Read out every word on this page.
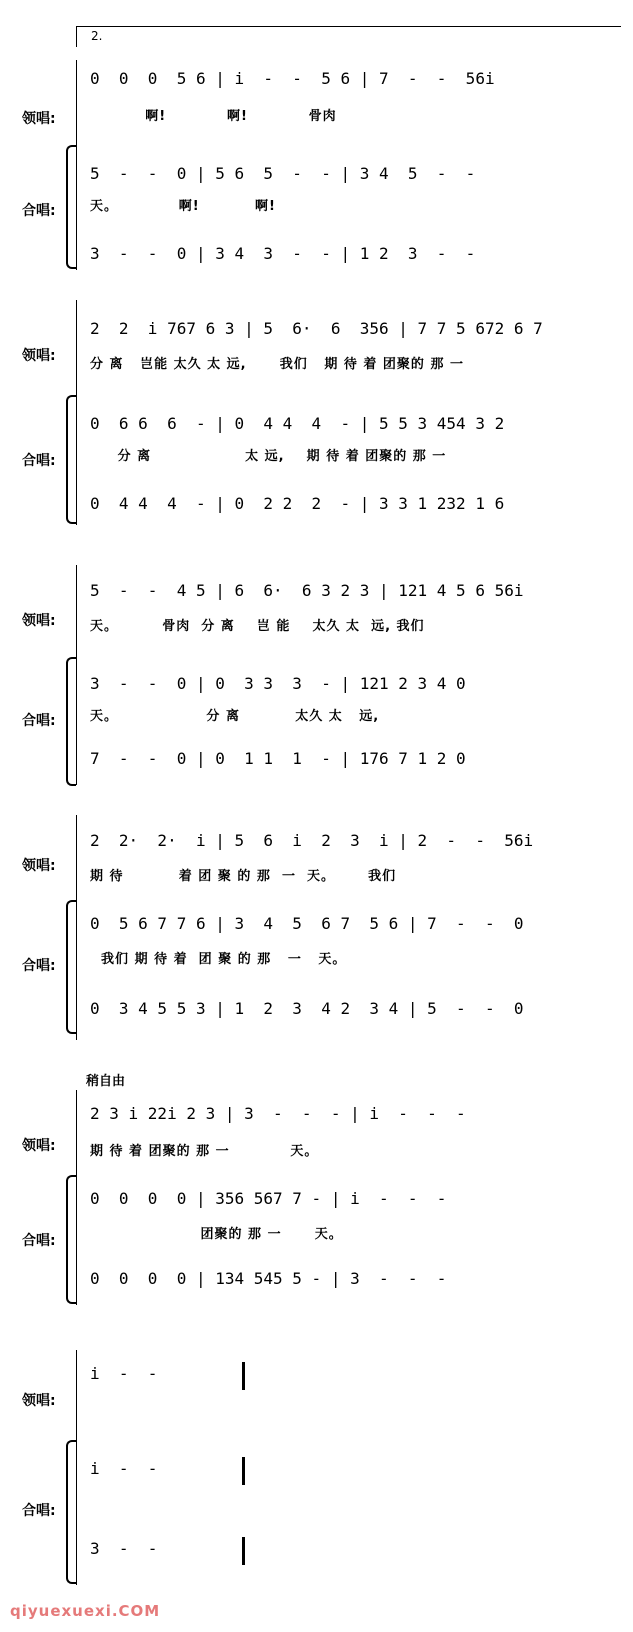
2.
领唱:
0  0  0  5 6 | i  -  -  5 6 | 7  -  -  56i
啊!           啊!           骨肉
合唱:
5  -  -  0 | 5 6  5  -  - | 3 4  5  -  -
天。           啊!          啊!
3  -  -  0 | 3 4  3  -  - | 1 2  3  -  -
领唱:
2  2  i 767 6 3 | 5  6·  6  356 | 7 7 5 672 6 7
分 离   岂能 太久 太 远,      我们   期 待 着 团聚的 那 一
合唱:
0  6 6  6  - | 0  4 4  4  - | 5 5 3 454 3 2
分 离                 太 远,    期 待 着 团聚的 那 一
0  4 4  4  - | 0  2 2  2  - | 3 3 1 232 1 6
领唱:
5  -  -  4 5 | 6  6·  6 3 2 3 | 121 4 5 6 56i
天。        骨肉  分 离    岂 能    太久 太  远, 我们
合唱:
3  -  -  0 | 0  3 3  3  - | 121 2 3 4 0
天。                分 离          太久 太   远,
7  -  -  0 | 0  1 1  1  - | 176 7 1 2 0
领唱:
2  2·  2·  i | 5  6  i  2  3  i | 2  -  -  56i
期 待          着 团 聚 的 那  一  天。      我们
合唱:
0  5 6 7 7 6 | 3  4  5  6 7  5 6 | 7  -  -  0
我们 期 待 着  团 聚 的 那   一   天。
0  3 4 5 5 3 | 1  2  3  4 2  3 4 | 5  -  -  0
稍自由
领唱:
2 3 i 22i 2 3 | 3  -  -  - | i  -  -  -
期 待 着 团聚的 那 一           天。
合唱:
0  0  0  0 | 356 567 7 - | i  -  -  -
团聚的 那 一      天。
0  0  0  0 | 134 545 5 - | 3  -  -  -
领唱:
i  -  -
合唱:
i  -  -
3  -  -
qiyuexuexi.COM
